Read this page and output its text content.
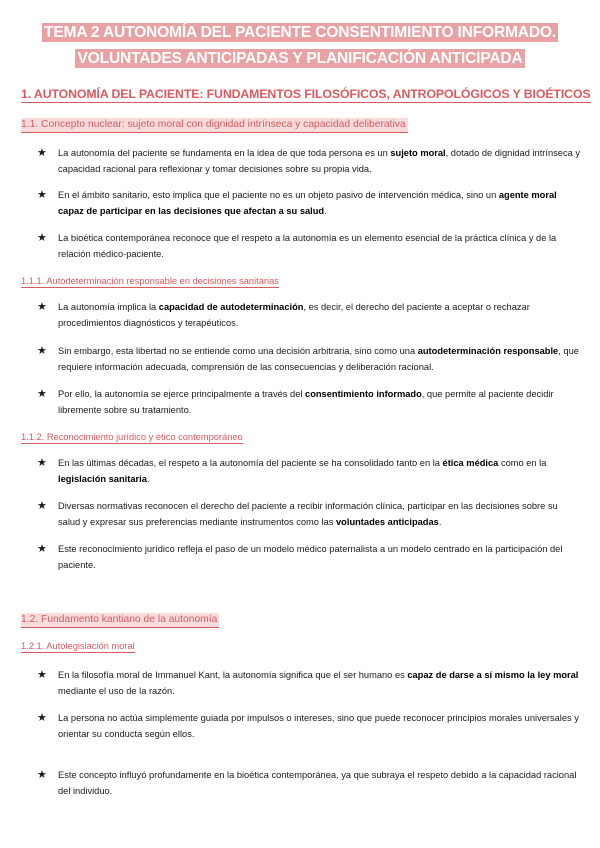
TEMA 2 AUTONOMÍA DEL PACIENTE CONSENTIMIENTO INFORMADO.
VOLUNTADES ANTICIPADAS Y PLANIFICACIÓN ANTICIPADA
1. AUTONOMÍA DEL PACIENTE: FUNDAMENTOS FILOSÓFICOS, ANTROPOLÓGICOS Y BIOÉTICOS
1.1. Concepto nuclear: sujeto moral con dignidad intrínseca y capacidad deliberativa
★ La autonomía del paciente se fundamenta en la idea de que toda persona es un sujeto moral, dotado de dignidad intrínseca y capacidad racional para reflexionar y tomar decisiones sobre su propia vida.
★ En el ámbito sanitario, esto implica que el paciente no es un objeto pasivo de intervención médica, sino un agente moral capaz de participar en las decisiones que afectan a su salud.
★ La bioética contemporánea reconoce que el respeto a la autonomía es un elemento esencial de la práctica clínica y de la relación médico-paciente.
1.1.1. Autodeterminación responsable en decisiones sanitarias
★ La autonomía implica la capacidad de autodeterminación, es decir, el derecho del paciente a aceptar o rechazar procedimientos diagnósticos y terapéuticos.
★ Sin embargo, esta libertad no se entiende como una decisión arbitraria, sino como una autodeterminación responsable, que requiere información adecuada, comprensión de las consecuencias y deliberación racional.
★ Por ello, la autonomía se ejerce principalmente a través del consentimiento informado, que permite al paciente decidir libremente sobre su tratamiento.
1.1.2. Reconocimiento jurídico y ético contemporáneo
★ En las últimas décadas, el respeto a la autonomía del paciente se ha consolidado tanto en la ética médica como en la legislación sanitaria.
★ Diversas normativas reconocen el derecho del paciente a recibir información clínica, participar en las decisiones sobre su salud y expresar sus preferencias mediante instrumentos como las voluntades anticipadas.
★ Este reconocimiento jurídico refleja el paso de un modelo médico paternalista a un modelo centrado en la participación del paciente.
1.2. Fundamento kantiano de la autonomía
1.2.1. Autolegislación moral
★ En la filosofía moral de Immanuel Kant, la autonomía significa que el ser humano es capaz de darse a sí mismo la ley moral mediante el uso de la razón.
★ La persona no actúa simplemente guiada por impulsos o intereses, sino que puede reconocer principios morales universales y orientar su conducta según ellos.
★ Este concepto influyó profundamente en la bioética contemporánea, ya que subraya el respeto debido a la capacidad racional del individuo.
